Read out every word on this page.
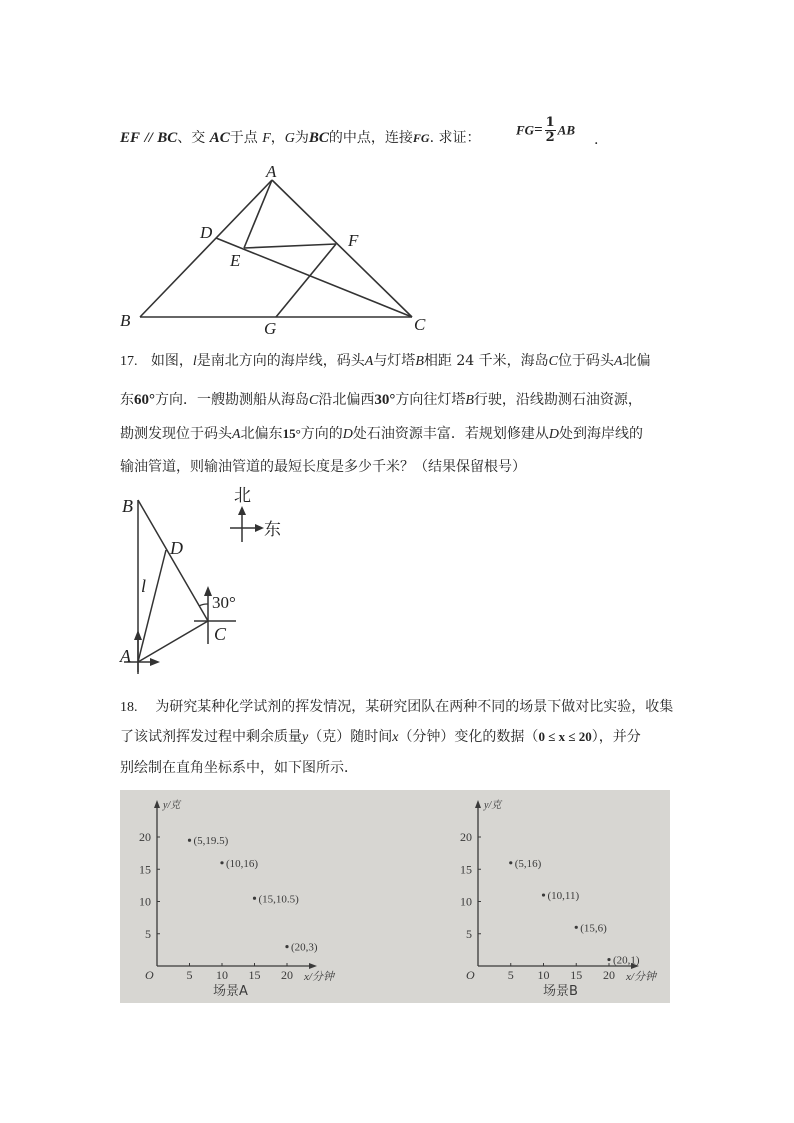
EF // BC、交 AC于点 F，G为BC的中点，连接FG. 求证：	$FG= \frac{1}{2}$ AB
.
A
D
E
F
B	G	C
17. 如图，l是南北方向的海岸线，码头A与灯塔B相距 24 千米，海岛C位于码头A北偏
东60°方向．一艘勘测船从海岛C沿北偏西30°方向往灯塔B行驶，沿线勘测石油资源，
勘测发现位于码头A北偏东15°方向的D处石油资源丰富．若规划修建从D处到海岸线的
输油管道，则输油管道的最短长度是多少千米？（结果保留根号）
B
D
l
A
C
30°
北
东
18. 为研究某种化学试剂的挥发情况，某研究团队在两种不同的场景下做对比实验，收集
了该试剂挥发过程中剩余质量y（克）随时间x（分钟）变化的数据（0 ≤ x ≤ 20），并分
别绘制在直角坐标系中，如下图所示．
5 10 15 20
5
10
15
20
O
y/克
x/分钟
(5,19.5)
(10,16)
(15,10.5)
(20,3)
场景A
5 10 15 20
5
10
15
20
O
y/克
x/分钟
(5,16)
(10,11)
(15,6)
(20,1)
场景B
